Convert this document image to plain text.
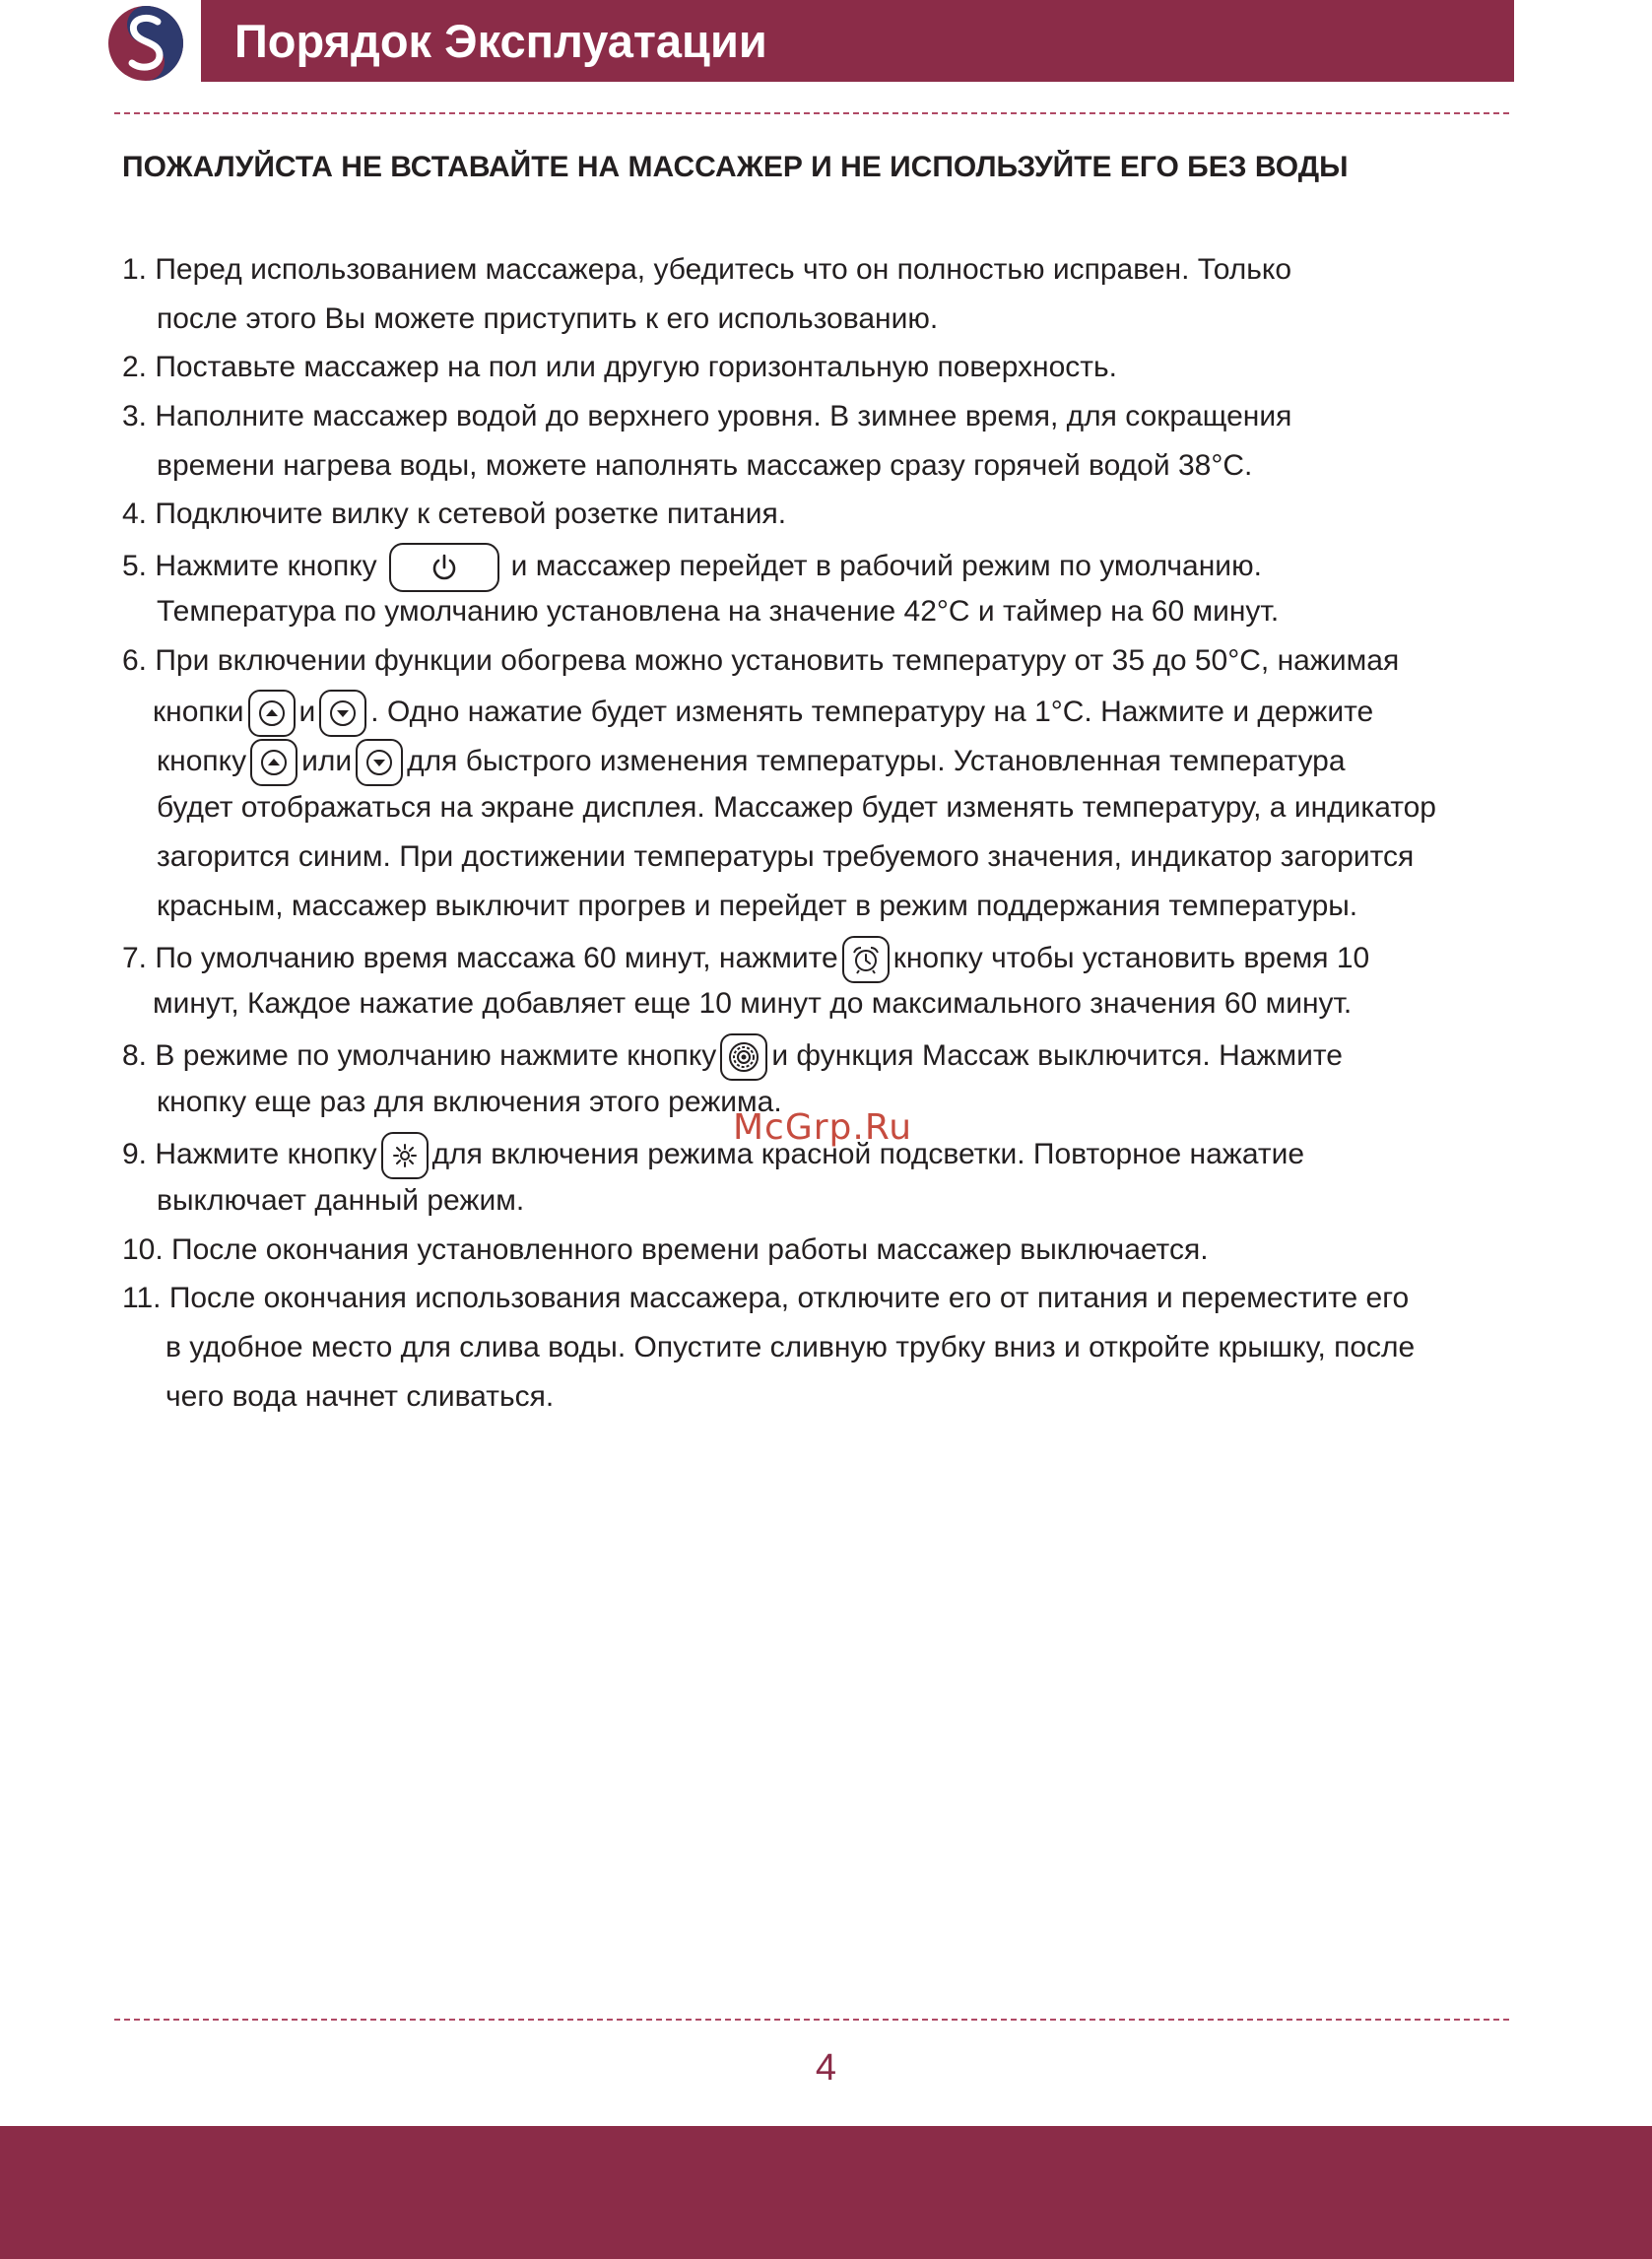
Порядок Эксплуатации
ПОЖАЛУЙСТА НЕ ВСТАВАЙТЕ НА МАССАЖЕР И НЕ ИСПОЛЬЗУЙТЕ ЕГО БЕЗ ВОДЫ
1. Перед использованием массажера, убедитесь что он полностью исправен. Только
после этого Вы можете приступить к его использованию.
2. Поставьте массажер на пол или другую горизонтальную поверхность.
3. Наполните массажер водой до верхнего уровня. В зимнее время, для сокращения
времени нагрева воды, можете наполнять массажер сразу горячей водой 38°C.
4. Подключите вилку к сетевой розетке питания.
5. Нажмите кнопку	и массажер перейдет в рабочий режим по умолчанию.
Температура по умолчанию установлена на значение 42°C и таймер на 60 минут.
6. При включении функции обогрева можно установить температуру от 35 до 50°C, нажимая
кнопки и . Одно нажатие будет изменять температуру на 1°C. Нажмите и держите
кнопку или для быстрого изменения температуры. Установленная температура
будет отображаться на экране дисплея. Массажер будет изменять температуру, а индикатор
загорится синим. При достижении температуры требуемого значения, индикатор загорится
красным, массажер выключит прогрев и перейдет в режим поддержания температуры.
7. По умолчанию время массажа 60 минут, нажмите кнопку чтобы установить время 10
минут, Каждое нажатие добавляет еще 10 минут до максимального значения 60 минут.
8. В режиме по умолчанию нажмите кнопку и функция Массаж выключится. Нажмите
кнопку еще раз для включения этого режима.
9. Нажмите кнопку для включения режима красной подсветки. Повторное нажатие
выключает данный режим.
10. После окончания установленного времени работы массажер выключается.
11. После окончания использования массажера, отключите его от питания и переместите его
в удобное место для слива воды. Опустите сливную трубку вниз и откройте крышку, после
чего вода начнет сливаться.
McGrp.Ru
4
